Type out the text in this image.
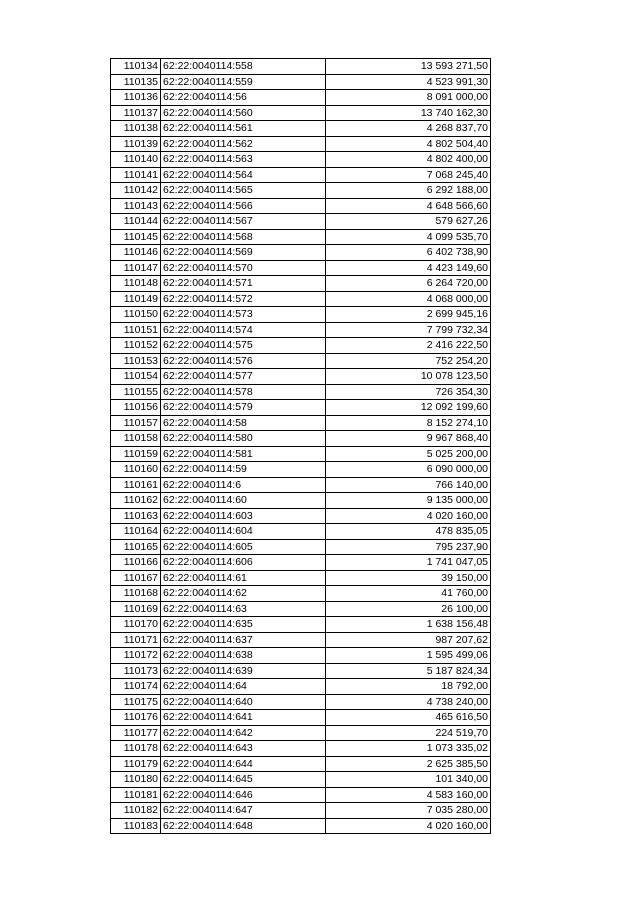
110134	62:22:0040114:558	13 593 271,50
110135	62:22:0040114:559	4 523 991,30
110136	62:22:0040114:56	8 091 000,00
110137	62:22:0040114:560	13 740 162,30
110138	62:22:0040114:561	4 268 837,70
110139	62:22:0040114:562	4 802 504,40
110140	62:22:0040114:563	4 802 400,00
110141	62:22:0040114:564	7 068 245,40
110142	62:22:0040114:565	6 292 188,00
110143	62:22:0040114:566	4 648 566,60
110144	62:22:0040114:567	579 627,26
110145	62:22:0040114:568	4 099 535,70
110146	62:22:0040114:569	6 402 738,90
110147	62:22:0040114:570	4 423 149,60
110148	62:22:0040114:571	6 264 720,00
110149	62:22:0040114:572	4 068 000,00
110150	62:22:0040114:573	2 699 945,16
110151	62:22:0040114:574	7 799 732,34
110152	62:22:0040114:575	2 416 222,50
110153	62:22:0040114:576	752 254,20
110154	62:22:0040114:577	10 078 123,50
110155	62:22:0040114:578	726 354,30
110156	62:22:0040114:579	12 092 199,60
110157	62:22:0040114:58	8 152 274,10
110158	62:22:0040114:580	9 967 868,40
110159	62:22:0040114:581	5 025 200,00
110160	62:22:0040114:59	6 090 000,00
110161	62:22:0040114:6	766 140,00
110162	62:22:0040114:60	9 135 000,00
110163	62:22:0040114:603	4 020 160,00
110164	62:22:0040114:604	478 835,05
110165	62:22:0040114:605	795 237,90
110166	62:22:0040114:606	1 741 047,05
110167	62:22:0040114:61	39 150,00
110168	62:22:0040114:62	41 760,00
110169	62:22:0040114:63	26 100,00
110170	62:22:0040114:635	1 638 156,48
110171	62:22:0040114:637	987 207,62
110172	62:22:0040114:638	1 595 499,06
110173	62:22:0040114:639	5 187 824,34
110174	62:22:0040114:64	18 792,00
110175	62:22:0040114:640	4 738 240,00
110176	62:22:0040114:641	465 616,50
110177	62:22:0040114:642	224 519,70
110178	62:22:0040114:643	1 073 335,02
110179	62:22:0040114:644	2 625 385,50
110180	62:22:0040114:645	101 340,00
110181	62:22:0040114:646	4 583 160,00
110182	62:22:0040114:647	7 035 280,00
110183	62:22:0040114:648	4 020 160,00
